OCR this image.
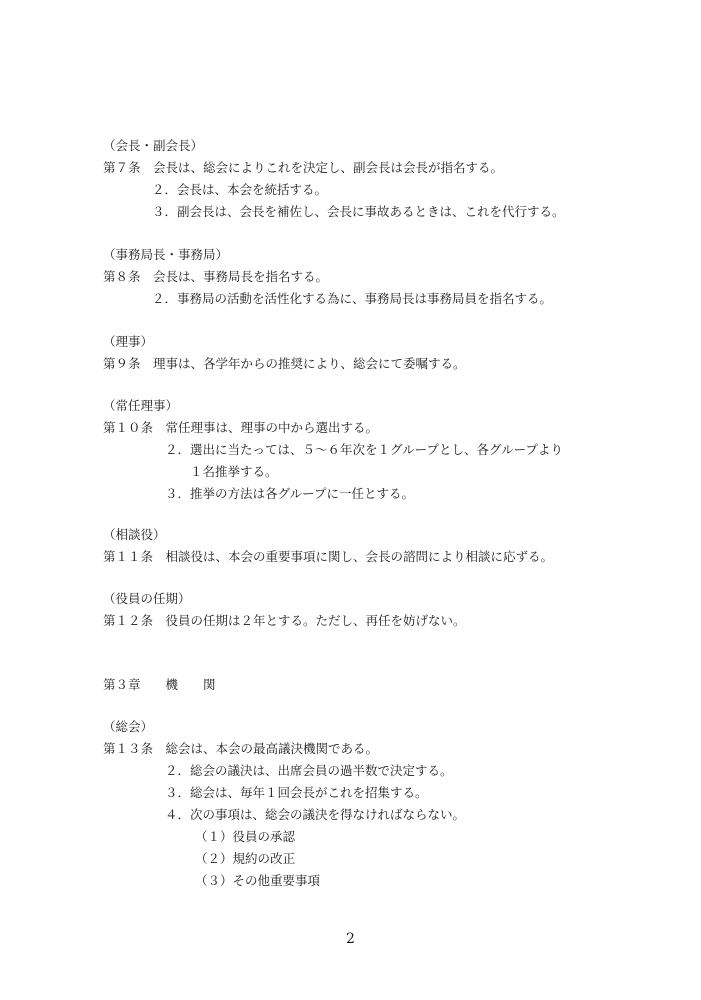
（会長・副会長）
第７条　会長は、総会によりこれを決定し、副会長は会長が指名する。
２．会長は、本会を統括する。
３．副会長は、会長を補佐し、会長に事故あるときは、これを代行する。
（事務局長・事務局）
第８条　会長は、事務局長を指名する。
２．事務局の活動を活性化する為に、事務局長は事務局員を指名する。
（理事）
第９条　理事は、各学年からの推奨により、総会にて委嘱する。
（常任理事）
第１０条　常任理事は、理事の中から選出する。
２．選出に当たっては、５～６年次を１グループとし、各グループより
１名推挙する。
３．推挙の方法は各グループに一任とする。
（相談役）
第１１条　相談役は、本会の重要事項に関し、会長の諮問により相談に応ずる。
（役員の任期）
第１２条　役員の任期は２年とする。ただし、再任を妨げない。
第３章　　機　　関
（総会）
第１３条　総会は、本会の最高議決機関である。
２．総会の議決は、出席会員の過半数で決定する。
３．総会は、毎年１回会長がこれを招集する。
４．次の事項は、総会の議決を得なければならない。
（１）役員の承認
（２）規約の改正
（３）その他重要事項
2
